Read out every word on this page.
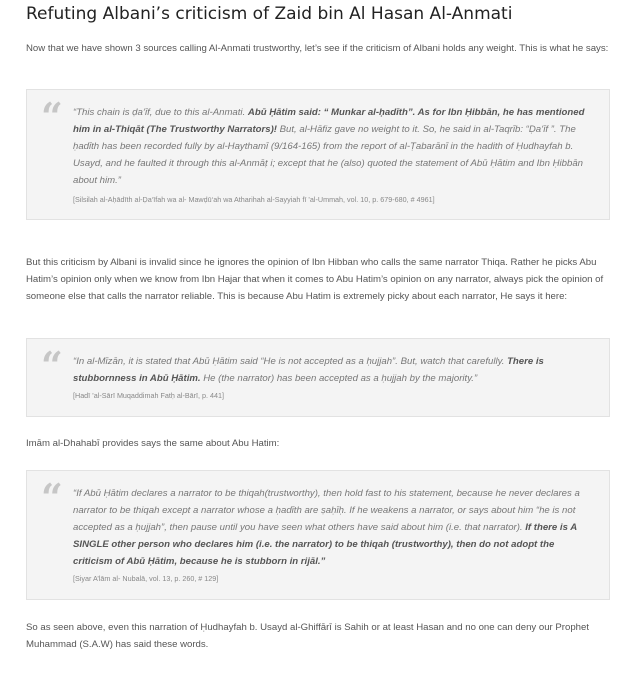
Refuting Albani’s criticism of Zaid bin Al Hasan Al-Anmati

Now that we have shown 3 sources calling Al-Anmati trustworthy, let’s see if the criticism of Albani holds any weight. This is what he says:

“ “This chain is ḍa‘īf, due to this al-Anmati. Abū Ḥātim said: “ Munkar al-ḥadīth”. As for Ibn Ḥibbān, he has mentioned him in al-Thiqāt (The Trustworthy Narrators)! But, al-Hāfiz gave no weight to it. So, he said in al-Taqrīb: “Ḍa‘īf ”. The ḥadīth has been recorded fully by al-Haythamī (9/164-165) from the report of al-Ṭabarānī in the hadith of Ḥudhayfah b. Usayd, and he faulted it through this al-Anmāṭ i; except that he (also) quoted the statement of Abū Ḥātim and Ibn Ḥibbān about him.”
[Silsilah al-Aḥādīth al-Ḍa‘īfah wa al- Mawḍū‘ah wa Atharihah al-Sayyiah fī ’al-Ummah, vol. 10, p. 679-680, # 4961]

But this criticism by Albani is invalid since he ignores the opinion of Ibn Hibban who calls the same narrator Thiqa. Rather he picks Abu Hatim’s opinion only when we know from Ibn Hajar that when it comes to Abu Hatim’s opinion on any narrator, always pick the opinion of someone else that calls the narrator reliable. This is because Abu Hatim is extremely picky about each narrator, He says it here:

“ “In al-Mīzān, it is stated that Abū Ḥātim said “He is not accepted as a ḥujjah”. But, watch that carefully. There is stubbornness in Abū Ḥātim. He (the narrator) has been accepted as a ḥujjah by the majority.”
[Hadī ’al-Sārī Muqaddimah Fatḥ al-Bārī, p. 441]

Imām al-Dhahabī provides says the same about Abu Hatim:

“ “If Abū Ḥātim declares a narrator to be thiqah(trustworthy), then hold fast to his statement, because he never declares a narrator to be thiqah except a narrator whose a ḥadīth are ṣaḥīḥ. If he weakens a narrator, or says about him “he is not accepted as a ḥujjah”, then pause until you have seen what others have said about him (i.e. that narrator). If there is A SINGLE other person who declares him (i.e. the narrator) to be thiqah (trustworthy), then do not adopt the criticism of Abū Ḥātim, because he is stubborn in rijāl.”
[Siyar A’lām al- Nubalā, vol. 13, p. 260, # 129]

So as seen above, even this narration of Ḥudhayfah b. Usayd al-Ghiffārī is Sahih or at least Hasan and no one can deny our Prophet Muhammad (S.A.W) has said these words.
